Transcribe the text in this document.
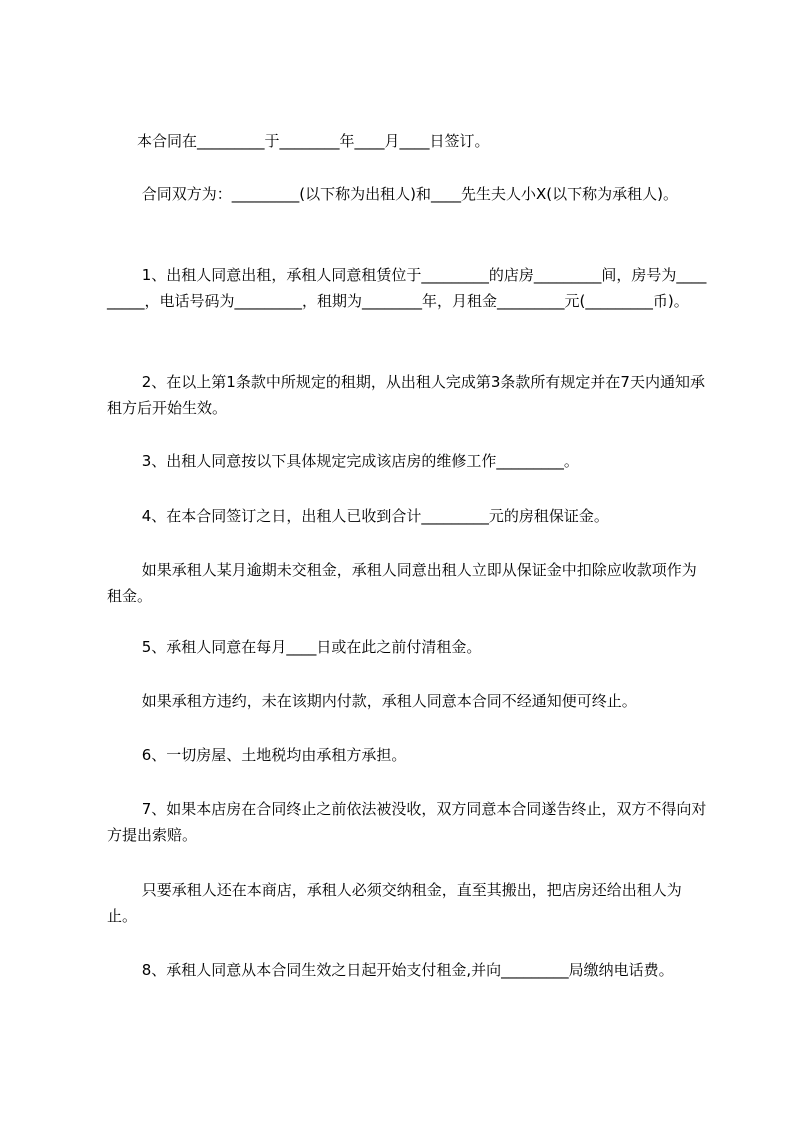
　　本合同在_________于________年____月____日签订。

　　 合同双方为：_________(以下称为出租人)和____先生夫人小X(以下称为承租人)。

　　 1、出租人同意出租，承租人同意租赁位于_________的店房_________间，房号为_________，电话号码为_________，租期为________年，月租金_________元(_________币)。

　　 2、在以上第1条款中所规定的租期，从出租人完成第3条款所有规定并在7天内通知承租方后开始生效。

　　 3、出租人同意按以下具体规定完成该店房的维修工作_________。

　　 4、在本合同签订之日，出租人已收到合计_________元的房租保证金。

　　 如果承租人某月逾期未交租金，承租人同意出租人立即从保证金中扣除应收款项作为租金。

　　 5、承租人同意在每月____日或在此之前付清租金。

　　 如果承租方违约，未在该期内付款，承租人同意本合同不经通知便可终止。

　　 6、一切房屋、土地税均由承租方承担。

　　 7、如果本店房在合同终止之前依法被没收，双方同意本合同遂告终止，双方不得向对方提出索赔。

　　 只要承租人还在本商店，承租人必须交纳租金，直至其搬出，把店房还给出租人为止。

　　 8、承租人同意从本合同生效之日起开始支付租金,并向_________局缴纳电话费。
